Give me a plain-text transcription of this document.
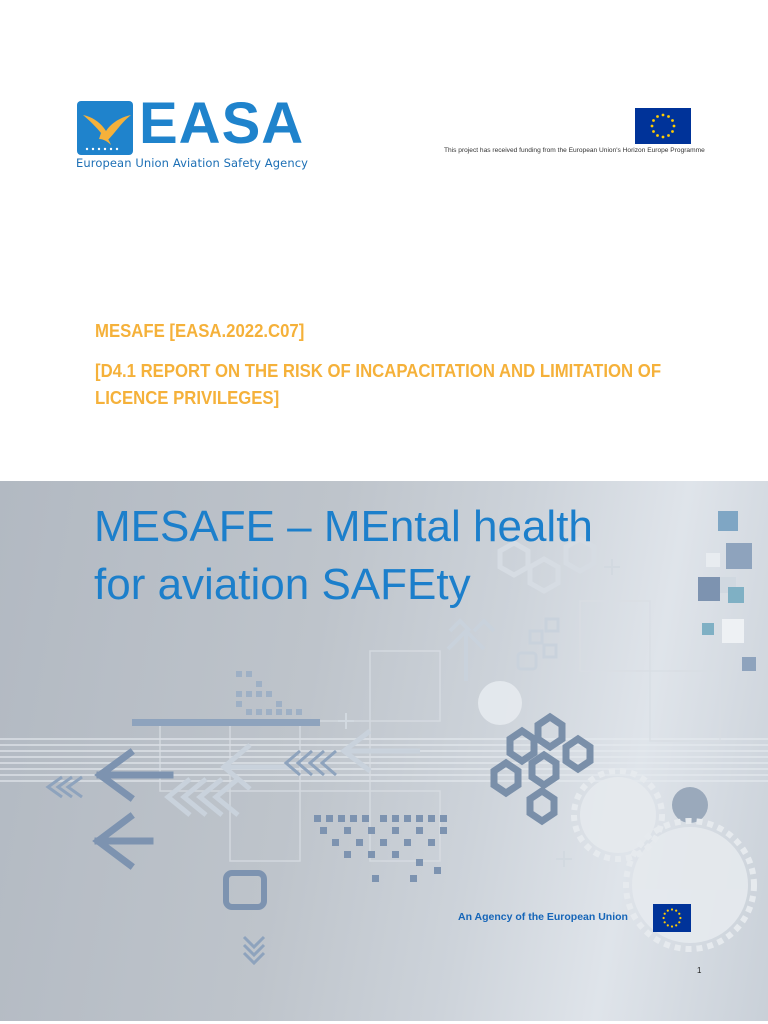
EASA
European Union Aviation Safety Agency
This project has received funding from the European Union's Horizon Europe Programme
MESAFE [EASA.2022.C07]
[D4.1 REPORT ON THE RISK OF INCAPACITATION AND LIMITATION OF LICENCE PRIVILEGES]
MESAFE – MEntal health
for aviation SAFEty
An Agency of the European Union
1
